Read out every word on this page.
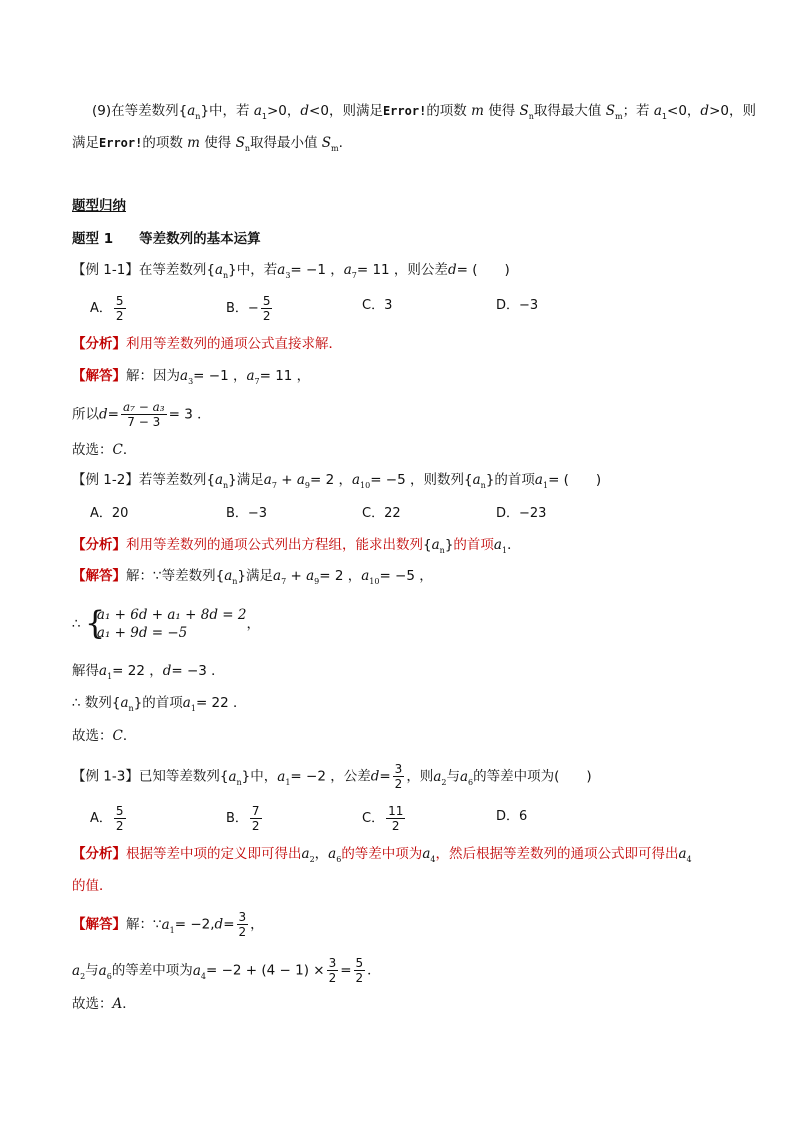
(9)在等差数列$\{a_n\}$中，若 $a_1>0$，d<0，则满足Error!的项数 m 使得 $S_n$取得最大值 $S_m$；若 $a_1<0$，d>0，则
满足Error!的项数 m 使得 $S_n$取得最小值 $S_m$.
题型归纳
题型 1 等差数列的基本运算
【例 1-1】在等差数列$\{a_n\}$中，若$a_3= -1$ ，$a_7= 11$ ，则公差d= (　　)
A． $\frac{5}{2}$	B．− $\frac{5}{2}$	C．3	D．−3
【分析】利用等差数列的通项公式直接求解．
【解答】解：因为$a_3= -1$ ，$a_7= 11$ ，
所以$d= \frac{\text{a₇ − a₃}}{7 - 3} = 3$ ．
故选：C．
【例 1-2】若等差数列$\{a_n\}$满足$a_7 + a_9= 2$ ，$a_{10}= -5$ ，则数列$\{a_n\}$的首项$a_1=$ (　　)
A．20	B．−3	C．22	D．−23
【分析】利用等差数列的通项公式列出方程组，能求出数列$\{a_n\}$的首项$a_1$．
【解答】解：∵等差数列$\{a_n\}$满足$a_7 + a_9= 2$ ，$a_{10}= -5$ ，
∴ {
a₁ + 6d + a₁ + 8d = 2
a₁ + 9d = −5
，
解得$a_1= 22$ ，d= −3 ．
∴ 数列$\{a_n\}$的首项$a_1= 22$ ．
故选：C．
【例 1-3】已知等差数列$\{a_n\}$中，$a_1= -2$ ，公差$d= \frac{3}{2}$ ，则$a_2$与$a_6$的等差中项为(　　)
A． $\frac{5}{2}$	B． $\frac{7}{2}$	C． $\frac{11}{2}$	D．6
【分析】根据等差中项的定义即可得出$a_2$，$a_6$的等差中项为$a_4$，然后根据等差数列的通项公式即可得出$a_4$
的值．
【解答】解：$\because a_1= -2,d= \frac{3}{2}$ ，
$a_2$与$a_6$的等差中项为$a_4= -2 + (4 - 1) \times \frac{3}{2} = \frac{5}{2}$ ．
故选：A．
